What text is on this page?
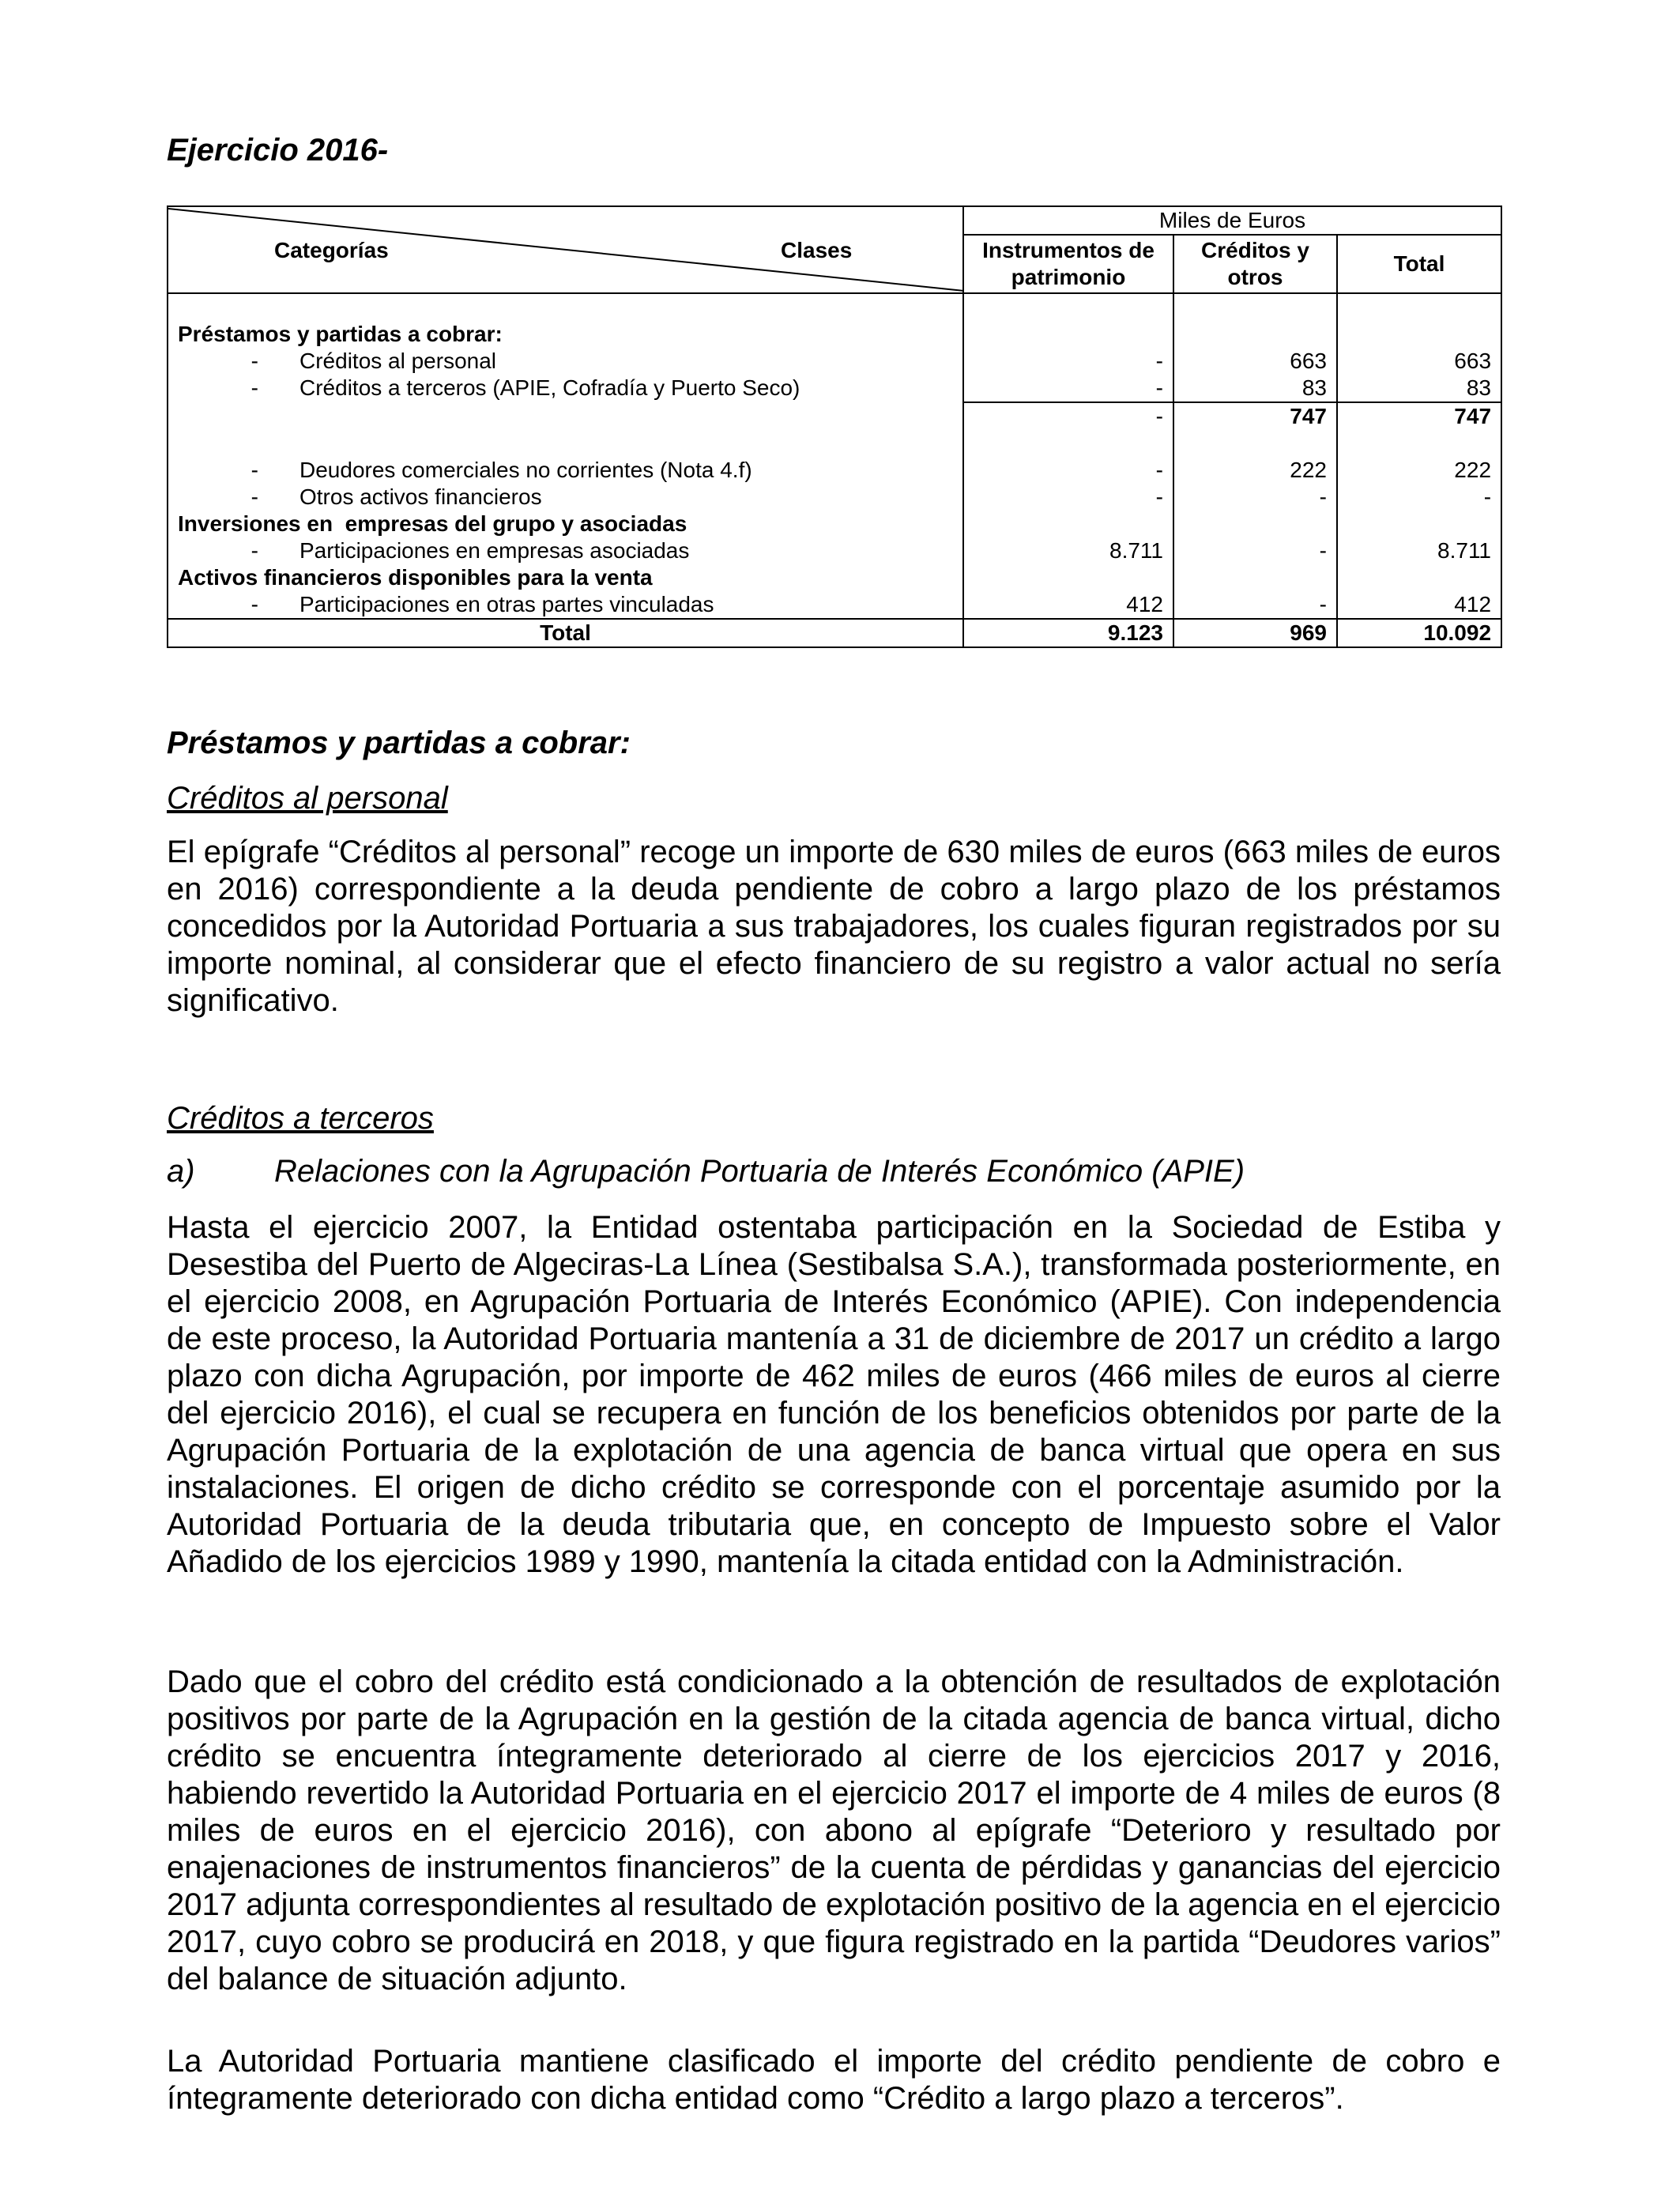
Ejercicio 2016-
Categorías Clases	Miles de Euros		
	Instrumentos de patrimonio	Créditos y otros	Total

Préstamos y partidas a cobrar:			
- Créditos al personal	-	663	663
- Créditos a terceros (APIE, Cofradía y Puerto Seco)	-	83	83
	-	747	747

- Deudores comerciales no corrientes (Nota 4.f)	-	222	222
- Otros activos financieros	-	-	-
Inversiones en  empresas del grupo y asociadas			
- Participaciones en empresas asociadas	8.711	-	8.711
Activos financieros disponibles para la venta			
- Participaciones en otras partes vinculadas	412	-	412
Total	9.123	969	10.092
Préstamos y partidas a cobrar:
Créditos al personal

El epígrafe “Créditos al personal” recoge un importe de 630 miles de euros (663 miles de euros en 2016) correspondiente a la deuda pendiente de cobro a largo plazo de los préstamos concedidos por la Autoridad Portuaria a sus trabajadores, los cuales figuran registrados por su importe nominal, al considerar que el efecto financiero de su registro a valor actual no sería significativo.

Créditos a terceros
a)	Relaciones con la Agrupación Portuaria de Interés Económico (APIE)

Hasta el ejercicio 2007, la Entidad ostentaba participación en la Sociedad de Estiba y Desestiba del Puerto de Algeciras-La Línea (Sestibalsa S.A.), transformada posteriormente, en el ejercicio 2008, en Agrupación Portuaria de Interés Económico (APIE). Con independencia de este proceso, la Autoridad Portuaria mantenía a 31 de diciembre de 2017 un crédito a largo plazo con dicha Agrupación, por importe de 462 miles de euros (466 miles de euros al cierre del ejercicio 2016), el cual se recupera en función de los beneficios obtenidos por parte de la Agrupación Portuaria de la explotación de una agencia de banca virtual que opera en sus instalaciones. El origen de dicho crédito se corresponde con el porcentaje asumido por la Autoridad Portuaria de la deuda tributaria que, en concepto de Impuesto sobre el Valor Añadido de los ejercicios 1989 y 1990, mantenía la citada entidad con la Administración.

Dado que el cobro del crédito está condicionado a la obtención de resultados de explotación positivos por parte de la Agrupación en la gestión de la citada agencia de banca virtual, dicho crédito se encuentra íntegramente deteriorado al cierre de los ejercicios 2017 y 2016, habiendo revertido la Autoridad Portuaria en el ejercicio 2017 el importe de 4 miles de euros (8 miles de euros en el ejercicio 2016), con abono al epígrafe “Deterioro y resultado por enajenaciones de instrumentos financieros” de la cuenta de pérdidas y ganancias del ejercicio 2017 adjunta correspondientes al resultado de explotación positivo de la agencia en el ejercicio 2017, cuyo cobro se producirá en 2018, y que figura registrado en la partida “Deudores varios” del balance de situación adjunto.

La Autoridad Portuaria mantiene clasificado el importe del crédito pendiente de cobro e íntegramente deteriorado con dicha entidad como “Crédito a largo plazo a terceros”.
